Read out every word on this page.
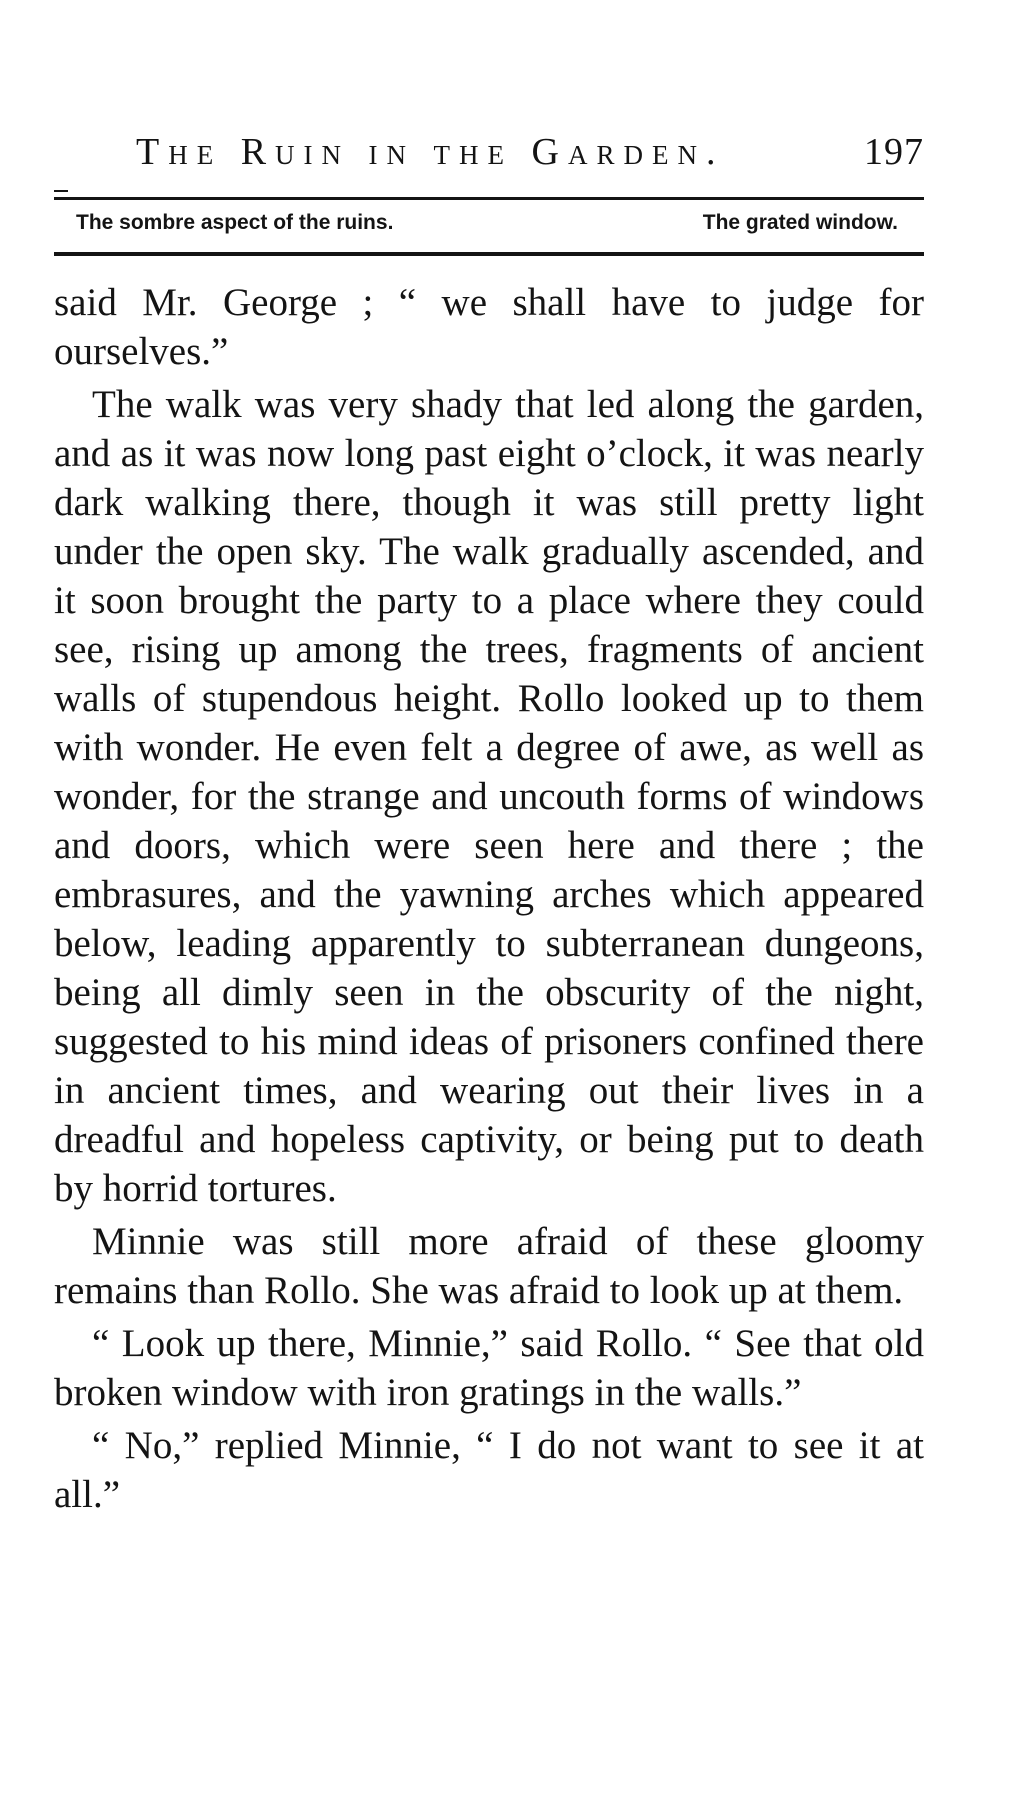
The Ruin in the Garden.	197
The sombre aspect of the ruins.	The grated window.

said Mr. George ; “ we shall have to judge for ourselves.”

The walk was very shady that led along the garden, and as it was now long past eight o’clock, it was nearly dark walking there, though it was still pretty light under the open sky. The walk gradually ascended, and it soon brought the party to a place where they could see, rising up among the trees, fragments of ancient walls of stupendous height. Rollo looked up to them with wonder. He even felt a degree of awe, as well as wonder, for the strange and uncouth forms of windows and doors, which were seen here and there ; the embrasures, and the yawning arches which appeared below, leading apparently to subterranean dungeons, being all dimly seen in the obscurity of the night, suggested to his mind ideas of prisoners confined there in ancient times, and wearing out their lives in a dreadful and hopeless captivity, or being put to death by horrid tortures.

Minnie was still more afraid of these gloomy remains than Rollo. She was afraid to look up at them.

“ Look up there, Minnie,” said Rollo. “ See that old broken window with iron gratings in the walls.”

“ No,” replied Minnie, “ I do not want to see it at all.”
